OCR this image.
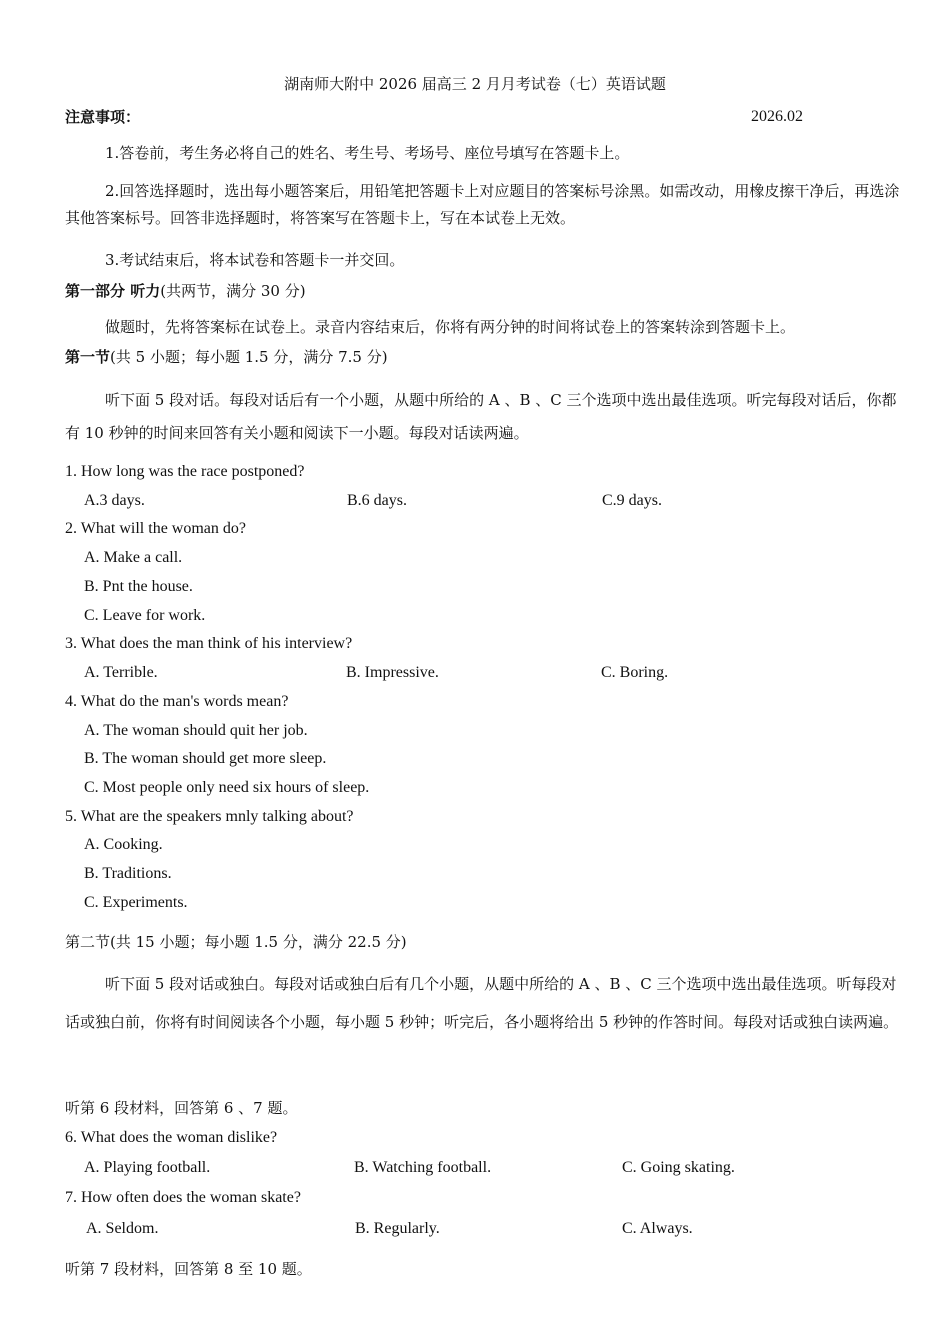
湖南师大附中 2026 届高三 2 月月考试卷（七）英语试题
注意事项：	2026.02
1.答卷前，考生务必将自己的姓名、考生号、考场号、座位号填写在答题卡上。
2.回答选择题时，选出每小题答案后，用铅笔把答题卡上对应题目的答案标号涂黑。如需改动，用橡皮擦干净后，再选涂其他答案标号。回答非选择题时，将答案写在答题卡上，写在本试卷上无效。
3.考试结束后，将本试卷和答题卡一并交回。
第一部分 听力(共两节，满分 30 分)
做题时，先将答案标在试卷上。录音内容结束后，你将有两分钟的时间将试卷上的答案转涂到答题卡上。
第一节(共 5 小题；每小题 1.5 分，满分 7.5 分)
听下面 5 段对话。每段对话后有一个小题，从题中所给的 A 、B 、C 三个选项中选出最佳选项。听完每段对话后，你都有 10 秒钟的时间来回答有关小题和阅读下一小题。每段对话读两遍。
1. How long was the race postponed?
A.3 days.	B.6 days.	C.9 days.
2. What will the woman do?
A. Make a call.
B. Pnt the house.
C. Leave for work.
3. What does the man think of his interview?
A. Terrible.	B. Impressive.	C. Boring.
4. What do the man's words mean?
A. The woman should quit her job.
B. The woman should get more sleep.
C. Most people only need six hours of sleep.
5. What are the speakers mnly talking about?
A. Cooking.
B. Traditions.
C. Experiments.
第二节(共 15 小题；每小题 1.5 分，满分 22.5 分)
听下面 5 段对话或独白。每段对话或独白后有几个小题，从题中所给的 A 、B 、C 三个选项中选出最佳选项。听每段对话或独白前，你将有时间阅读各个小题，每小题 5 秒钟；听完后，各小题将给出 5 秒钟的作答时间。每段对话或独白读两遍。
听第 6 段材料，回答第 6 、7 题。
6. What does the woman dislike?
A. Playing football.	B. Watching football.	C. Going skating.
7. How often does the woman skate?
A. Seldom.	B. Regularly.	C. Always.
听第 7 段材料，回答第 8 至 10 题。
